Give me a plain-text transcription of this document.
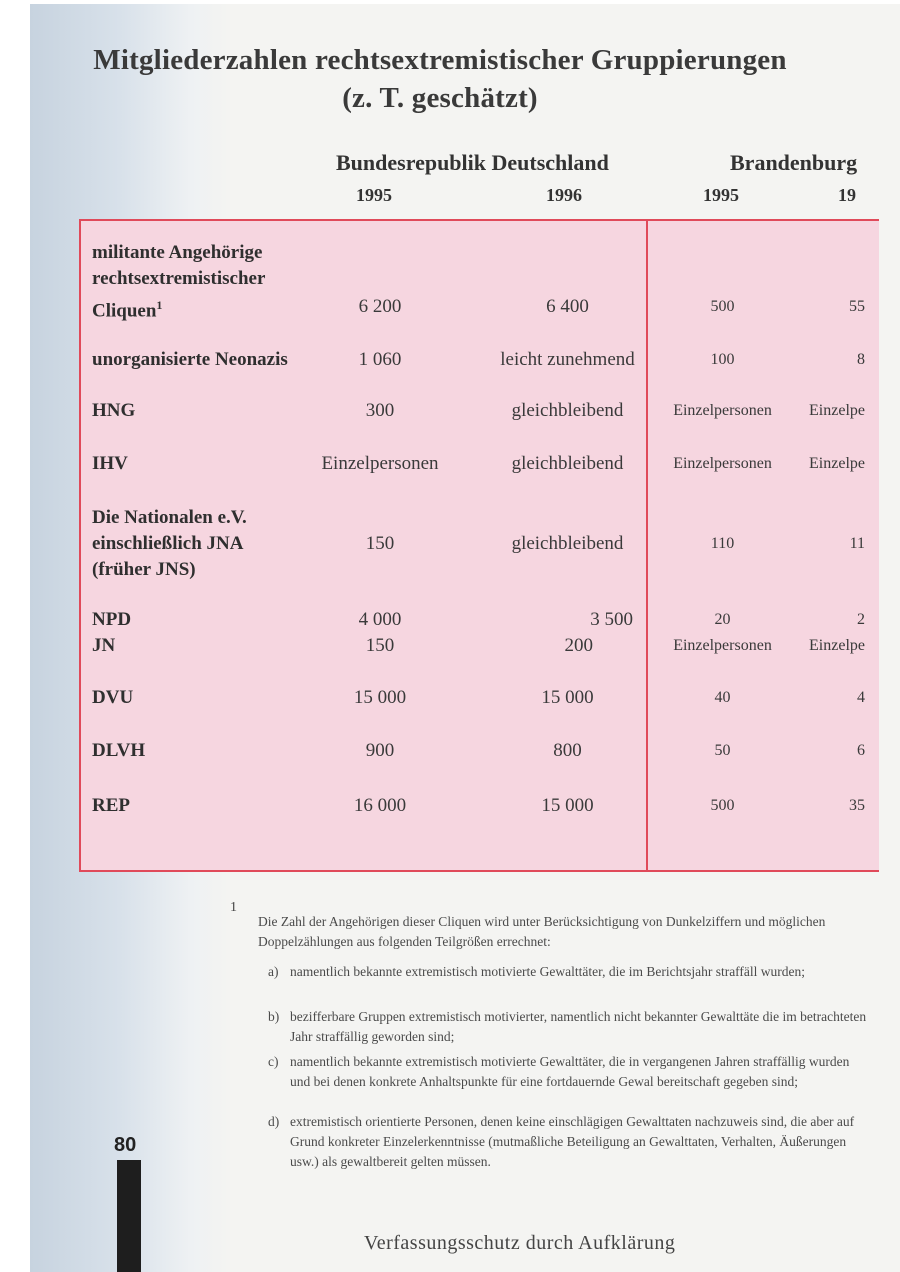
Mitgliederzahlen rechtsextremistischer Gruppierungen
(z. T. geschätzt)
Bundesrepublik Deutschland	Brandenburg
1995	1996	1995	19
militante Angehörige
rechtsextremistischer
Cliquen$^1$	6 200	6 400	500	55
unorganisierte Neonazis	1 060	leicht zunehmend	100	8
HNG	300	gleichbleibend	Einzelpersonen	Einzelpe
IHV	Einzelpersonen	gleichbleibend	Einzelpersonen	Einzelpe
Die Nationalen e.V.
einschließlich JNA
(früher JNS)
150	gleichbleibend	110	11
NPD	4 000	3 500	20	2
JN	150	200	Einzelpersonen	Einzelpe
DVU	15 000	15 000	40	4
DLVH	900	800	50	6
REP	16 000	15 000	500	35
1
Die Zahl der Angehörigen dieser Cliquen wird unter Berücksichtigung von Dunkelziffern und möglichen Doppelzählungen aus folgenden Teilgrößen errechnet:
a) namentlich bekannte extremistisch motivierte Gewalttäter, die im Berichtsjahr straffäll wurden;
b) bezifferbare Gruppen extremistisch motivierter, namentlich nicht bekannter Gewalttäte die im betrachteten Jahr straffällig geworden sind;
c) namentlich bekannte extremistisch motivierte Gewalttäter, die in vergangenen Jahren straffällig wurden und bei denen konkrete Anhaltspunkte für eine fortdauernde Gewal bereitschaft gegeben sind;
d) extremistisch orientierte Personen, denen keine einschlägigen Gewalttaten nachzuweis sind, die aber auf Grund konkreter Einzelerkenntnisse (mutmaßliche Beteiligung an Gewalttaten, Verhalten, Äußerungen usw.) als gewaltbereit gelten müssen.
80
Verfassungsschutz durch Aufklärung
